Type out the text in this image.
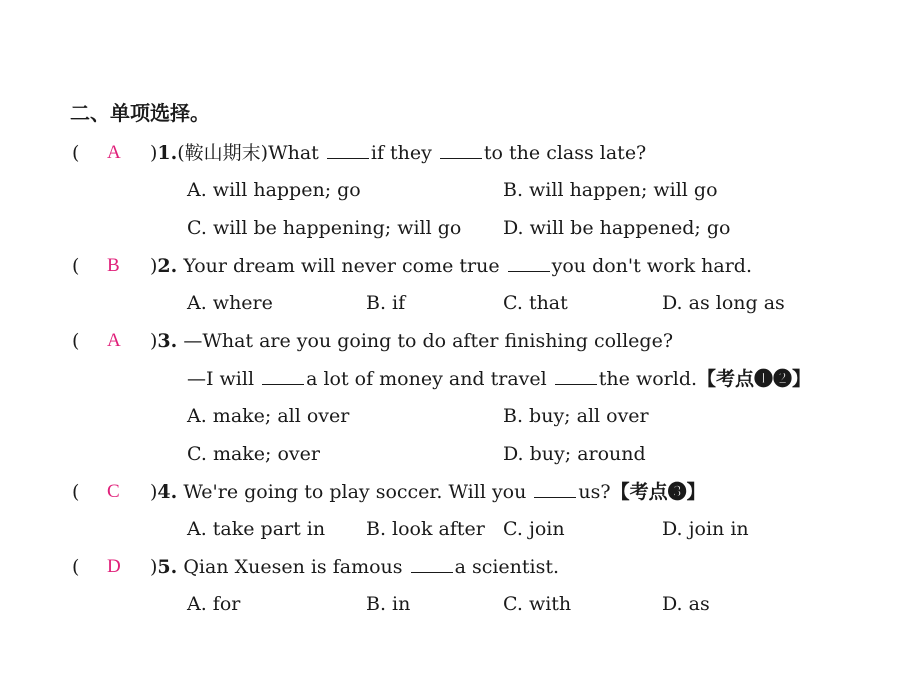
二、单项选择。
( A )1.(鞍山期末)What	if they	to the class late?
A. will happen; go	B. will happen; will go
C. will be happening; will go D. will be happened; go
( B )2. Your dream will never come true	you don't work hard.
A. where	B. if	C. that	D. as long as
( A )3. —What are you going to do after finishing college?
—I will	a lot of money and travel	the world.【考点❶❷】
A. make; all over	B. buy; all over
C. make; over	D. buy; around
( C )4. We're going to play soccer. Will you	us?【考点❸】
A. take part in B. look after C. join	D. join in
( D )5. Qian Xuesen is famous	a scientist.
A. for	B. in	C. with	D. as
